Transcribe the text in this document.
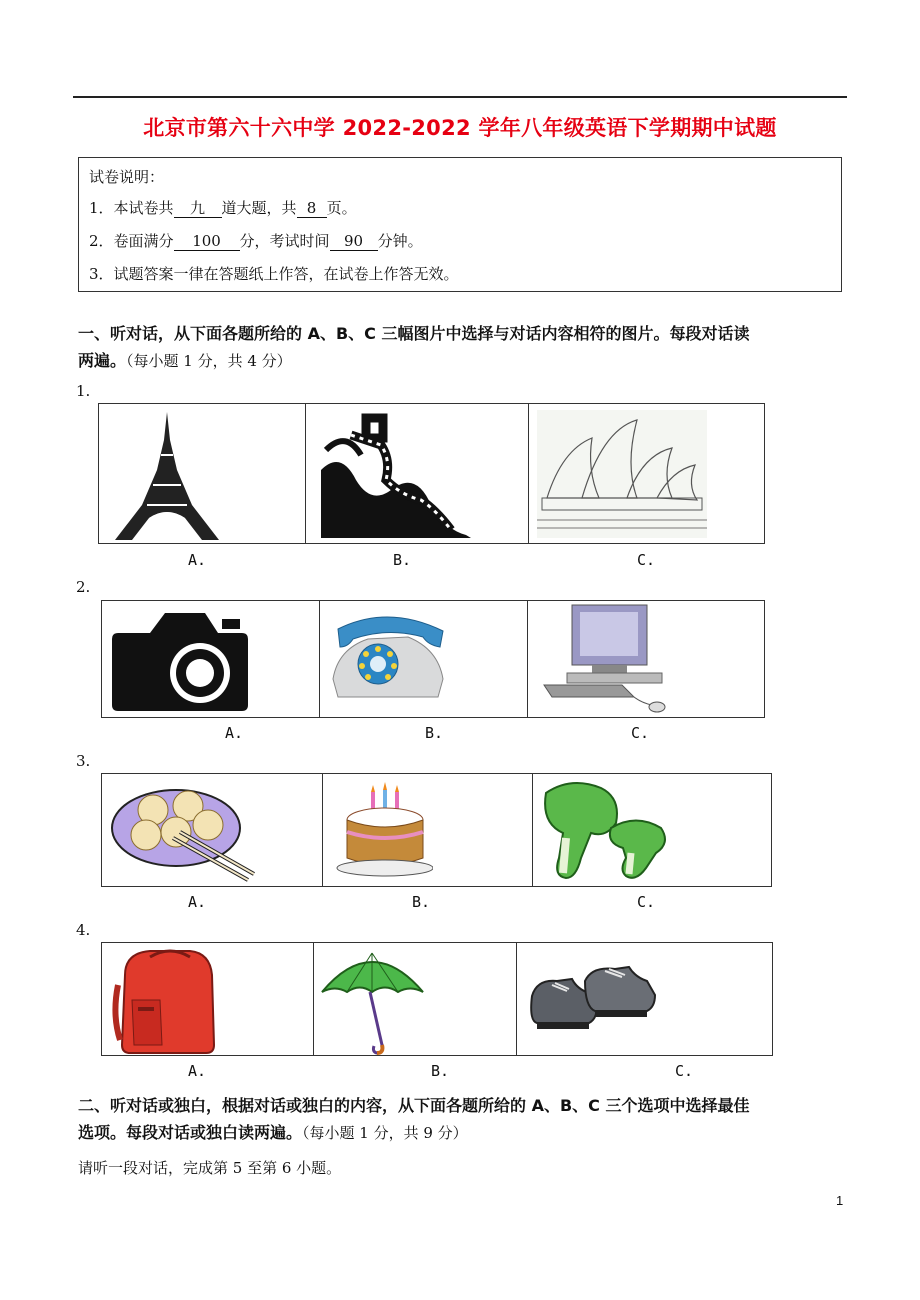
北京市第六十六中学 2022-2022 学年八年级英语下学期期中试题
试卷说明：
1．本试卷共 九 道大题，共 8 页。
2．卷面满分 100 分，考试时间 90 分钟。
3．试题答案一律在答题纸上作答，在试卷上作答无效。
一、听对话，从下面各题所给的 A、B、C 三幅图片中选择与对话内容相符的图片。每段对话读
两遍。（每小题 1 分，共 4 分）
1.
A.	B.	C.
2.
A.	B.	C.
3.
A.	B.	C.
4.
A.	B.	C.
二、听对话或独白，根据对话或独白的内容，从下面各题所给的 A、B、C 三个选项中选择最佳
选项。每段对话或独白读两遍。（每小题 1 分，共 9 分）
请听一段对话，完成第 5 至第 6 小题。
1
